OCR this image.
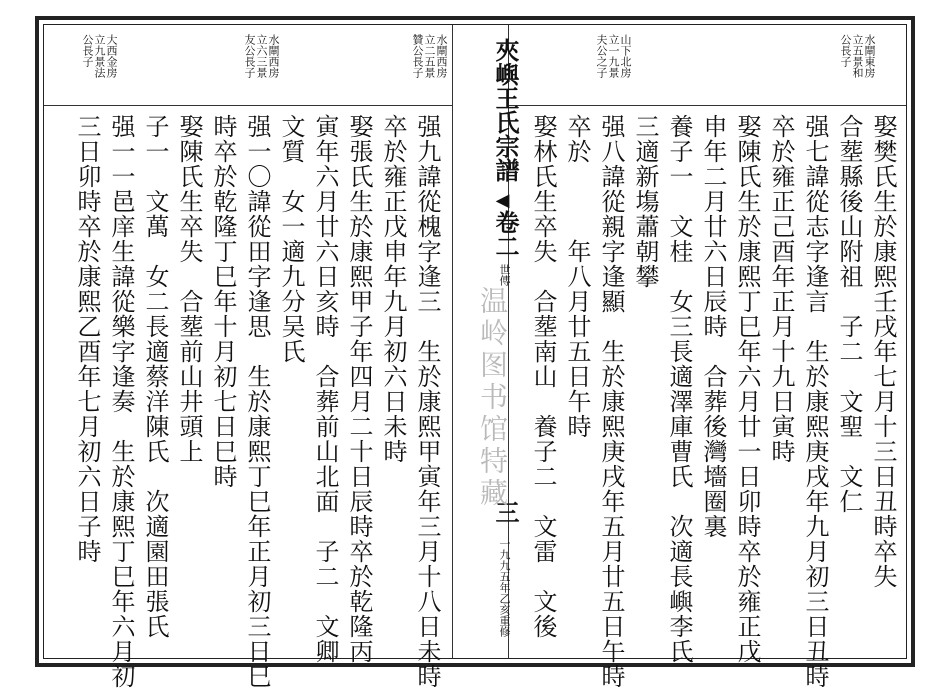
夾嶼王氏宗譜
◀
卷二
世傳
三
一九九五年乙亥重修
水閘東房
立五景和
公長子
山下北房
立一九景
夫公之子
娶樊氏生於康熙壬戌年七月十三日丑時卒失
合塟縣後山附祖　子二　文聖　文仁
强七諱從志字逢言　生於康熙庚戌年九月初三日丑時
卒於雍正己酉年正月十九日寅時
娶陳氏生於康熙丁巳年六月廿一日卯時卒於雍正戊
申年二月廿六日辰時　合葬後灣墻圈裏
養子一　文桂　女三長適澤庫曹氏　次適長嶼李氏
三適新塲蕭朝攀
强八諱從親字逢顯　生於康熙庚戌年五月廿五日午時
卒於　　　年八月廿五日午時
娶林氏生卒失　合塟南山　養子二　文雷　文後
水閘西房
立二五景
贊公長子
水閘西房
立六三景
友公長子
大西金房
立九景法
公長子
强九諱從槐字逢三　生於康熙甲寅年三月十八日未時
卒於雍正戊申年九月初六日未時
娶張氏生於康熙甲子年四月二十日辰時卒於乾隆丙
寅年六月廿六日亥時　合葬前山北面　子二　文卿
文質　女一適九分吴氏
强一〇諱從田字逢思　生於康熙丁巳年正月初三日巳
時卒於乾隆丁巳年十月初七日巳時
娶陳氏生卒失　合塟前山井頭上
子一　文萬　女二長適蔡洋陳氏　次適園田張氏
强一一邑庠生諱從樂字逢奏　生於康熙丁巳年六月初
三日卯時卒於康熙乙酉年七月初六日子時	温岭图书馆特藏
